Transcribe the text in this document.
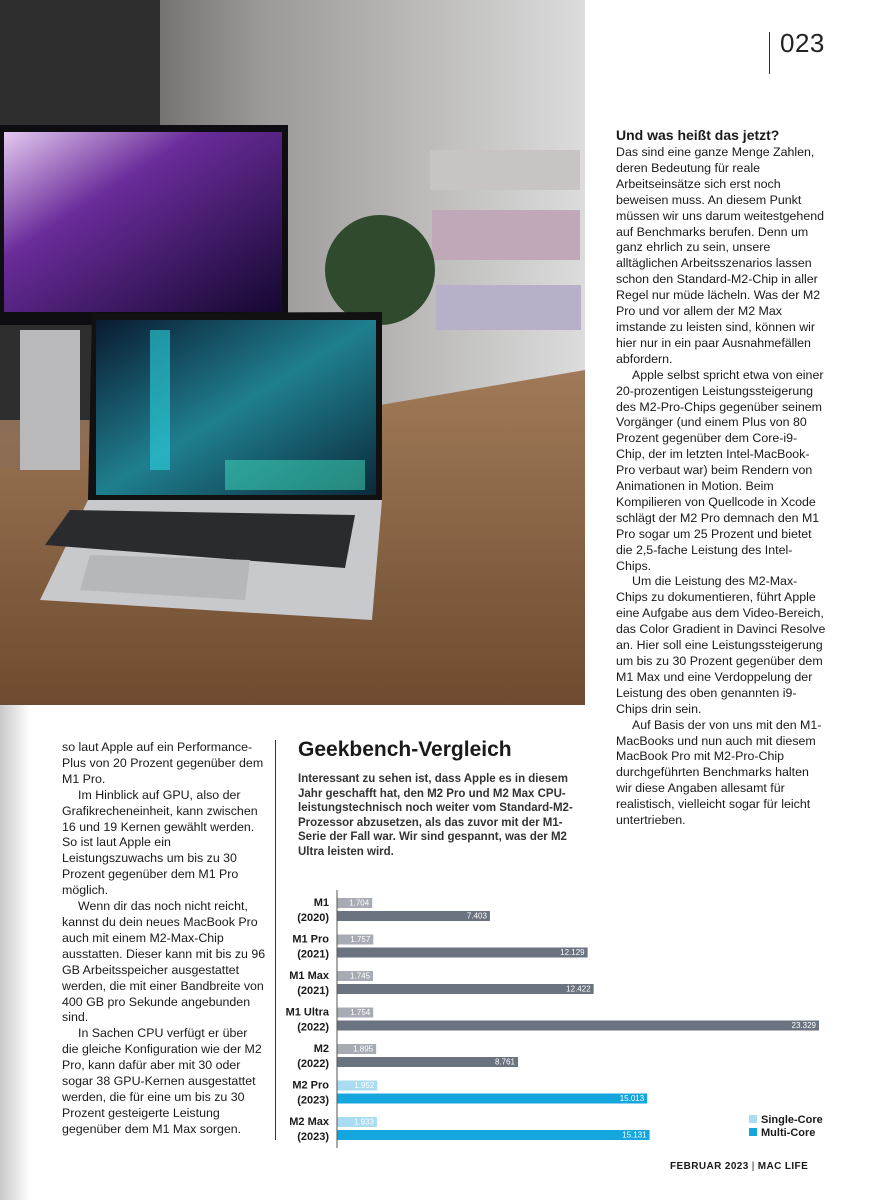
023
Und was heißt das jetzt?

Das sind eine ganze Menge Zahlen, deren Bedeutung für reale Arbeitseinsätze sich erst noch beweisen muss. An diesem Punkt müssen wir uns darum weitestgehend auf Benchmarks berufen. Denn um ganz ehrlich zu sein, unsere alltäglichen Arbeitsszenarios lassen schon den Standard-M2-Chip in aller Regel nur müde lächeln. Was der M2 Pro und vor allem der M2 Max imstande zu leisten sind, können wir hier nur in ein paar Ausnahmefällen abfordern.

Apple selbst spricht etwa von einer 20-prozentigen Leistungssteigerung des M2-Pro-Chips gegenüber seinem Vorgänger (und einem Plus von 80 Prozent gegenüber dem Core-i9-Chip, der im letzten Intel-MacBook-Pro verbaut war) beim Rendern von Animationen in Motion. Beim Kompilieren von Quellcode in Xcode schlägt der M2 Pro demnach den M1 Pro sogar um 25 Prozent und bietet die 2,5-fache Leistung des Intel-Chips.

Um die Leistung des M2-Max-Chips zu dokumentieren, führt Apple eine Aufgabe aus dem Video-Bereich, das Color Gradient in Davinci Resolve an. Hier soll eine Leistungssteigerung um bis zu 30 Prozent gegenüber dem M1 Max und eine Verdoppelung der Leistung des oben genannten i9-Chips drin sein.

Auf Basis der von uns mit den M1-MacBooks und nun auch mit diesem MacBook Pro mit M2-Pro-Chip durchgeführten Benchmarks halten wir diese Angaben allesamt für realistisch, vielleicht sogar für leicht untertrieben.

so laut Apple auf ein Performance-Plus von 20 Prozent gegenüber dem M1 Pro.

Im Hinblick auf GPU, also der Grafikrecheneinheit, kann zwischen 16 und 19 Kernen gewählt werden. So ist laut Apple ein Leistungszuwachs um bis zu 30 Prozent gegenüber dem M1 Pro möglich.

Wenn dir das noch nicht reicht, kannst du dein neues MacBook Pro auch mit einem M2-Max-Chip ausstatten. Dieser kann mit bis zu 96 GB Arbeitsspeicher ausgestattet werden, die mit einer Bandbreite von 400 GB pro Sekunde angebunden sind.

In Sachen CPU verfügt er über die gleiche Konfiguration wie der M2 Pro, kann dafür aber mit 30 oder sogar 38 GPU-Kernen ausgestattet werden, die für eine um bis zu 30 Prozent gesteigerte Leistung gegenüber dem M1 Max sorgen.

Geekbench-Vergleich
Interessant zu sehen ist, dass Apple es in diesem Jahr geschafft hat, den M2 Pro und M2 Max CPU-leistungstechnisch noch weiter vom Standard-M2-Prozessor abzusetzen, als das zuvor mit der M1-Serie der Fall war. Wir sind gespannt, was der M2 Ultra leisten wird.
M1
(2020)
1.704
7.403
M1 Pro
(2021)
1.757
12.129
M1 Max
(2021)
1.745
12.422
M1 Ultra
(2022)
1.754
23.329
M2
(2022)
1.895
8.761
M2 Pro
(2023)
1.952
15.013
M2 Max
(2023)
1.933
15.131
Single-Core
Multi-Core
FEBRUAR 2023 | MAC LIFE
